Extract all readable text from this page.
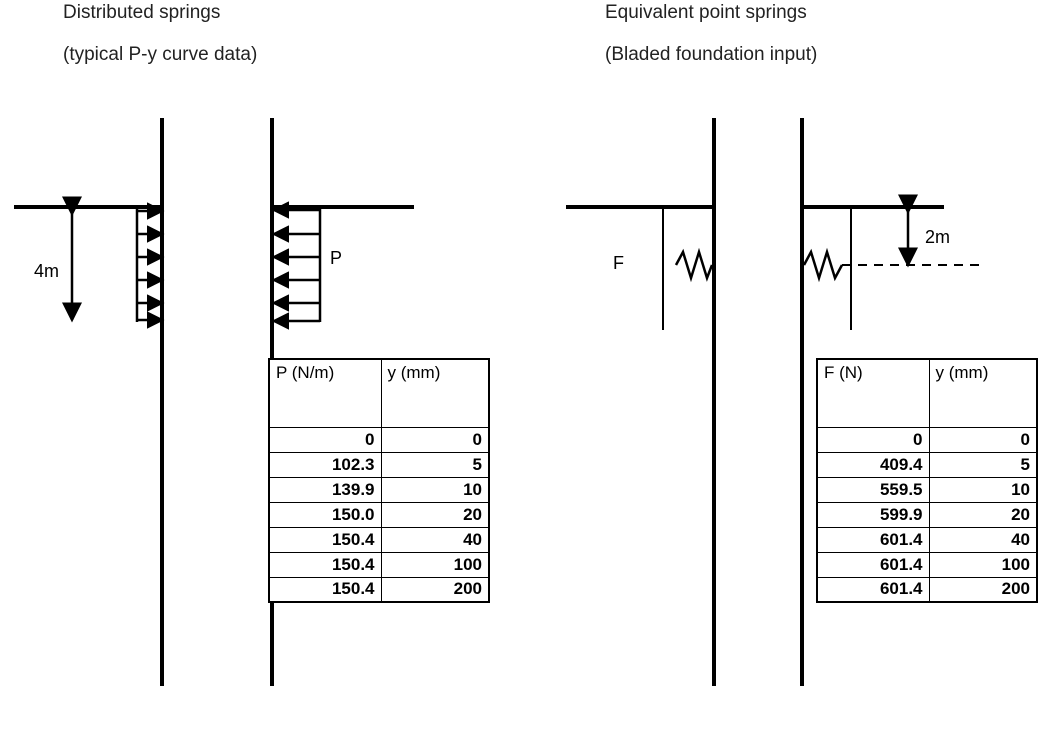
Distributed springs
(typical P-y curve data)
Equivalent point springs
(Bladed foundation input)
4m
P	F
2m
P (N/m)	y (mm)

0	0
102.3	5
139.9	10
150.0	20
150.4	40
150.4	100
150.4	200
F (N)	y (mm)

0	0
409.4	5
559.5	10
599.9	20
601.4	40
601.4	100
601.4	200
